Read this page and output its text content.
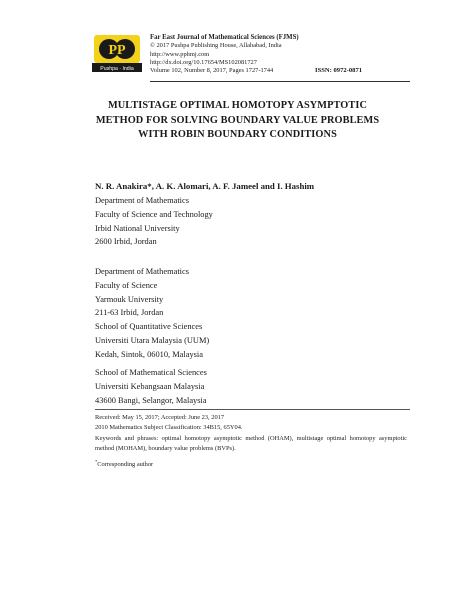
PP
Pushpa · India
Far East Journal of Mathematical Sciences (FJMS)
© 2017 Pushpa Publishing House, Allahabad, India
http://www.pphmj.com
http://dx.doi.org/10.17654/MS102081727
Volume 102, Number 8, 2017, Pages 1727-1744	ISSN: 0972-0871
MULTISTAGE OPTIMAL HOMOTOPY ASYMPTOTIC METHOD FOR SOLVING BOUNDARY VALUE PROBLEMS WITH ROBIN BOUNDARY CONDITIONS
N. R. Anakira*, A. K. Alomari, A. F. Jameel and I. Hashim
Department of Mathematics
Faculty of Science and Technology
Irbid National University
2600 Irbid, Jordan
Department of Mathematics
Faculty of Science
Yarmouk University
211-63 Irbid, Jordan
School of Quantitative Sciences
Universiti Utara Malaysia (UUM)
Kedah, Sintok, 06010, Malaysia
School of Mathematical Sciences
Universiti Kebangsaan Malaysia
43600 Bangi, Selangor, Malaysia

Received: May 15, 2017; Accepted: June 23, 2017

2010 Mathematics Subject Classification: 34B15, 65Y04.

Keywords and phrases: optimal homotopy asymptotic method (OHAM), multistage optimal homotopy asymptotic method (MOHAM), boundary value problems (BVPs).

*Corresponding author
